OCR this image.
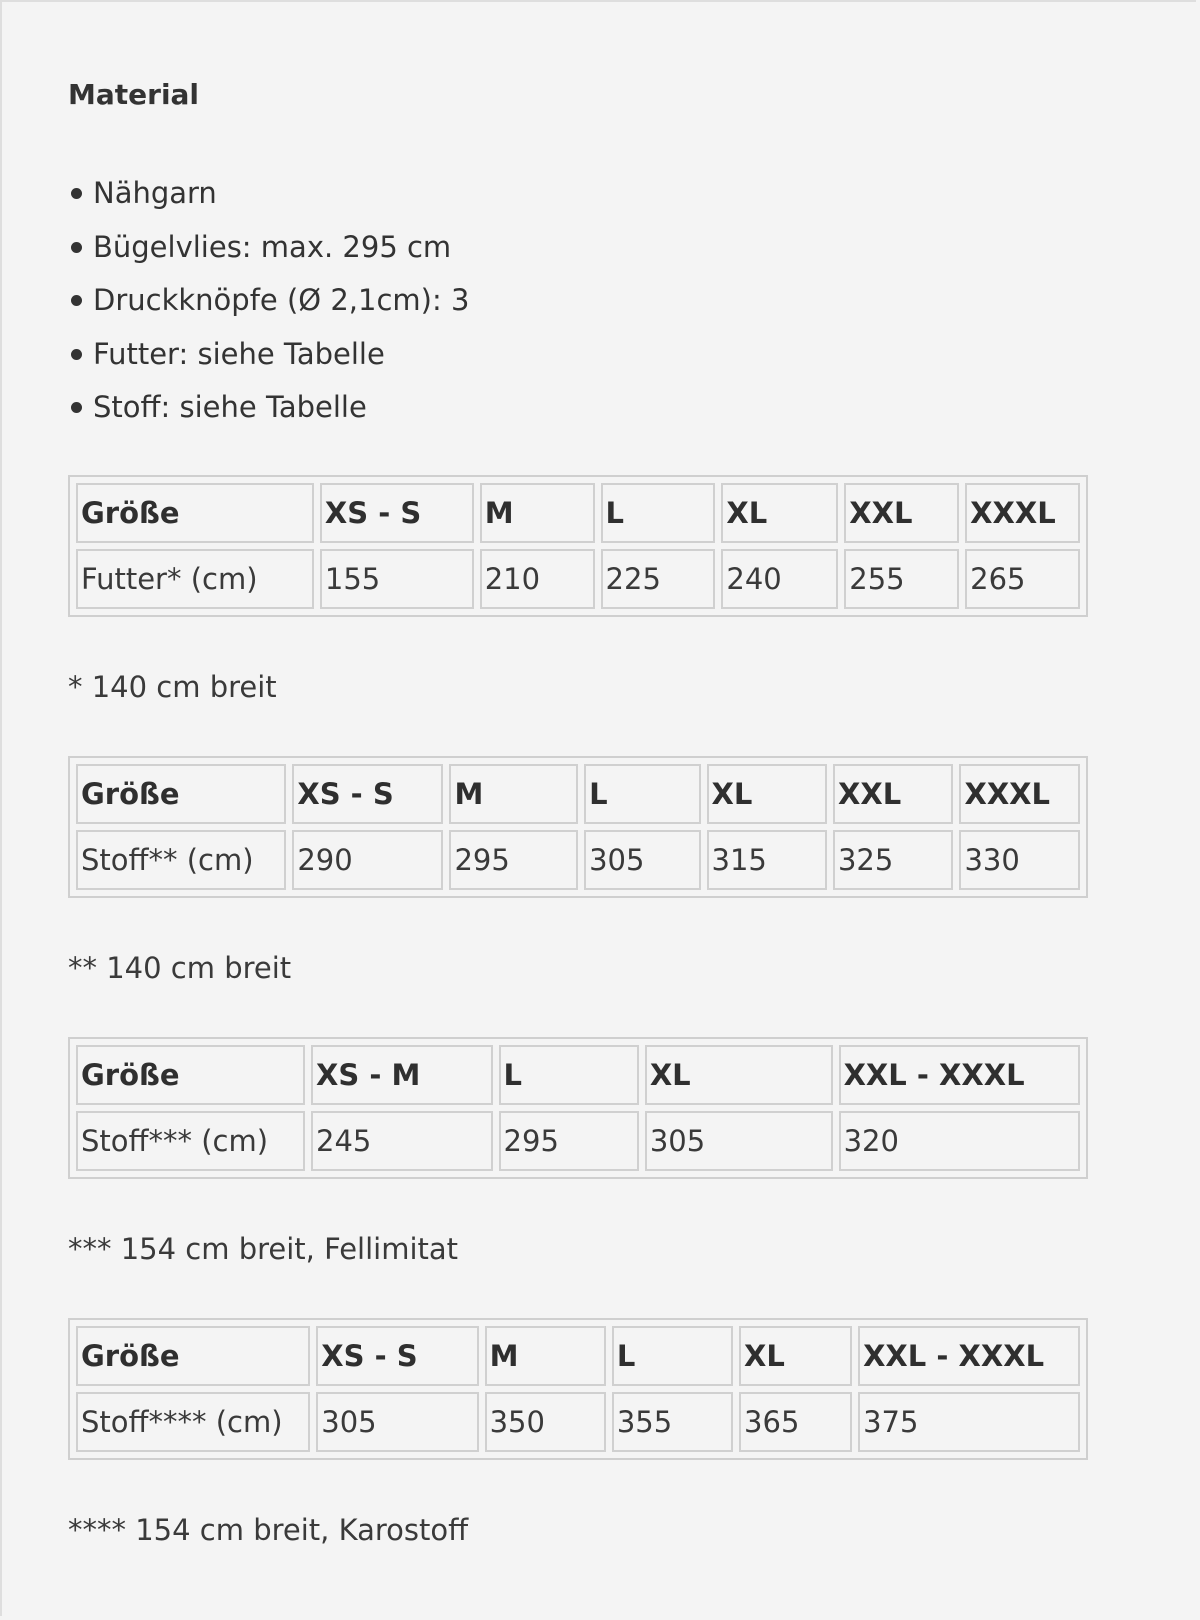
Material
Nähgarn
Bügelvlies: max. 295 cm
Druckknöpfe (Ø 2,1cm): 3
Futter: siehe Tabelle
Stoff: siehe Tabelle
Größe	XS - S	M	L	XL	XXL	XXXL
Futter* (cm)	155	210	225	240	255	265

* 140 cm breit

Größe	XS - S	M	L	XL	XXL	XXXL
Stoff** (cm)	290	295	305	315	325	330

** 140 cm breit

Größe	XS - M	L	XL	XXL - XXXL
Stoff*** (cm)	245	295	305	320

*** 154 cm breit, Fellimitat

Größe	XS - S	M	L	XL	XXL - XXXL
Stoff**** (cm)	305	350	355	365	375

**** 154 cm breit, Karostoff
